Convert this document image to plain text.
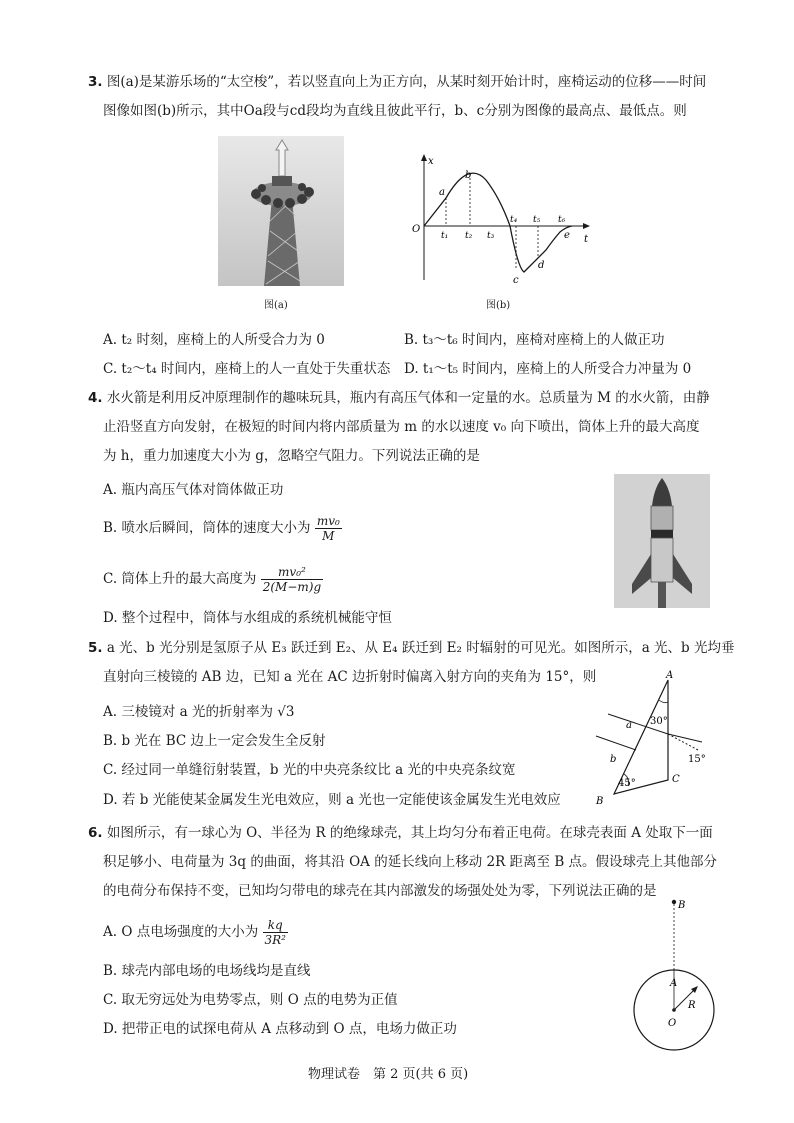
3. 图(a)是某游乐场的“太空梭”，若以竖直向上为正方向，从某时刻开始计时，座椅运动的位移——时间
图像如图(b)所示，其中Oa段与cd段均为直线且彼此平行，b、c分别为图像的最高点、最低点。则
图(a)
x
t
O
a
b
c
d
e
t₁ t₂ t₃
t₄ t₅ t₆
图(b)
A. t₂ 时刻，座椅上的人所受合力为 0	B. t₃～t₆ 时间内，座椅对座椅上的人做正功
C. t₂～t₄ 时间内，座椅上的人一直处于失重状态 D. t₁～t₅ 时间内，座椅上的人所受合力冲量为 0
4. 水火箭是利用反冲原理制作的趣味玩具，瓶内有高压气体和一定量的水。总质量为 M 的水火箭，由静
止沿竖直方向发射，在极短的时间内将内部质量为 m 的水以速度 v₀ 向下喷出，筒体上升的最大高度
为 h，重力加速度大小为 g，忽略空气阻力。下列说法正确的是
A. 瓶内高压气体对筒体做正功
B. 喷水后瞬间，筒体的速度大小为 $\frac{\text{mv₀}}{M}$
C. 筒体上升的最大高度为 $\frac{\text{mv₀²}}{2(M-m)g}$
D. 整个过程中，筒体与水组成的系统机械能守恒
5. a 光、b 光分别是氢原子从 E₃ 跃迁到 E₂、从 E₄ 跃迁到 E₂ 时辐射的可见光。如图所示，a 光、b 光均垂
直射向三棱镜的 AB 边，已知 a 光在 AC 边折射时偏离入射方向的夹角为 15°，则
A. 三棱镜对 a 光的折射率为 √3
B. b 光在 BC 边上一定会发生全反射
C. 经过同一单缝衍射装置，b 光的中央亮条纹比 a 光的中央亮条纹宽
D. 若 b 光能使某金属发生光电效应，则 a 光也一定能使该金属发生光电效应
A
B
C
a
b
30°
45°
15°
6. 如图所示，有一球心为 O、半径为 R 的绝缘球壳，其上均匀分布着正电荷。在球壳表面 A 处取下一面
积足够小、电荷量为 3q 的曲面，将其沿 OA 的延长线向上移动 2R 距离至 B 点。假设球壳上其他部分
的电荷分布保持不变，已知均匀带电的球壳在其内部激发的场强处处为零，下列说法正确的是
A. O 点电场强度的大小为 $\frac{kq}{\text{3R²}}$
B. 球壳内部电场的电场线均是直线
C. 取无穷远处为电势零点，则 O 点的电势为正值
D. 把带正电的试探电荷从 A 点移动到 O 点，电场力做正功
B
A
O
R
物理试卷　第 2 页(共 6 页)
